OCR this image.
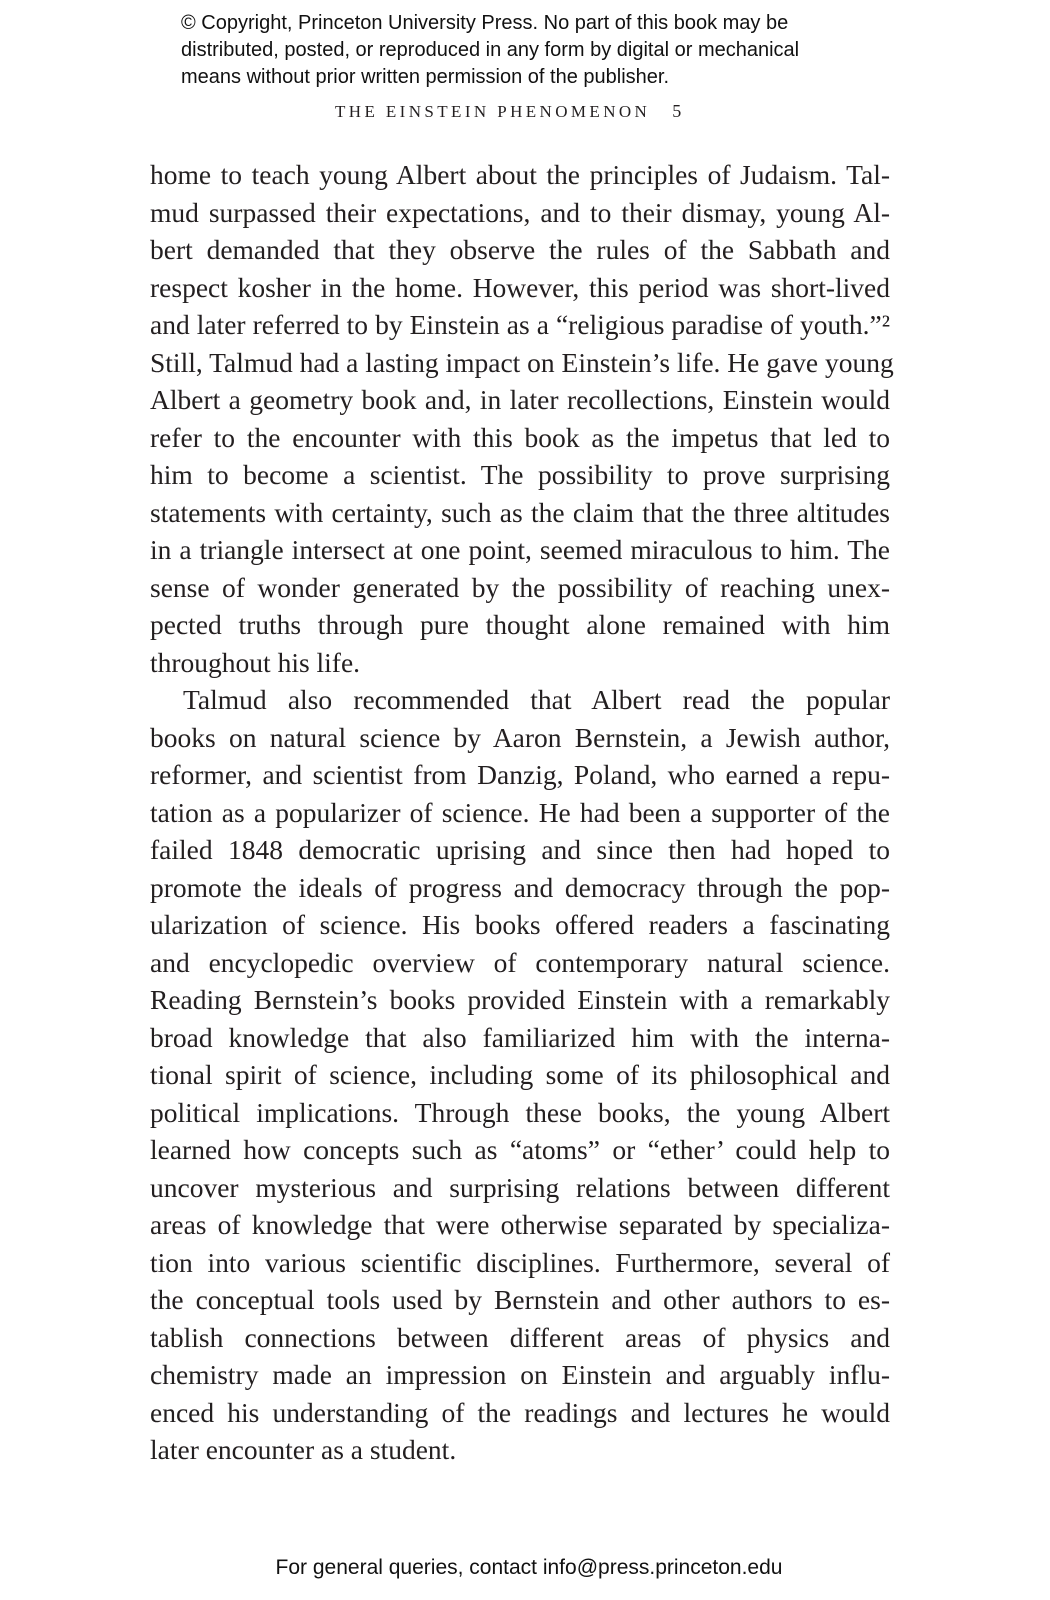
© Copyright, Princeton University Press. No part of this book may be
distributed, posted, or reproduced in any form by digital or mechanical
means without prior written permission of the publisher.
THE EINSTEIN PHENOMENON 5
home to teach young Albert about the principles of Judaism. Tal-
mud surpassed their expectations, and to their dismay, young Al-
bert demanded that they observe the rules of the Sabbath and
respect kosher in the home. However, this period was short-lived
and later referred to by Einstein as a “religious paradise of youth.”²
Still, Talmud had a lasting impact on Einstein’s life. He gave young
Albert a geometry book and, in later recollections, Einstein would
refer to the encounter with this book as the impetus that led to
him to become a scientist. The possibility to prove surprising
statements with certainty, such as the claim that the three altitudes
in a triangle intersect at one point, seemed miraculous to him. The
sense of wonder generated by the possibility of reaching unex-
pected truths through pure thought alone remained with him
throughout his life.
Talmud also recommended that Albert read the popular
books on natural science by Aaron Bernstein, a Jewish author,
reformer, and scientist from Danzig, Poland, who earned a repu-
tation as a popularizer of science. He had been a supporter of the
failed 1848 democratic uprising and since then had hoped to
promote the ideals of progress and democracy through the pop-
ularization of science. His books offered readers a fascinating
and encyclopedic overview of contemporary natural science.
Reading Bernstein’s books provided Einstein with a remarkably
broad knowledge that also familiarized him with the interna-
tional spirit of science, including some of its philosophical and
political implications. Through these books, the young Albert
learned how concepts such as “atoms” or “ether’ could help to
uncover mysterious and surprising relations between different
areas of knowledge that were otherwise separated by specializa-
tion into various scientific disciplines. Furthermore, several of
the conceptual tools used by Bernstein and other authors to es-
tablish connections between different areas of physics and
chemistry made an impression on Einstein and arguably influ-
enced his understanding of the readings and lectures he would
later encounter as a student.
For general queries, contact info@press.princeton.edu
